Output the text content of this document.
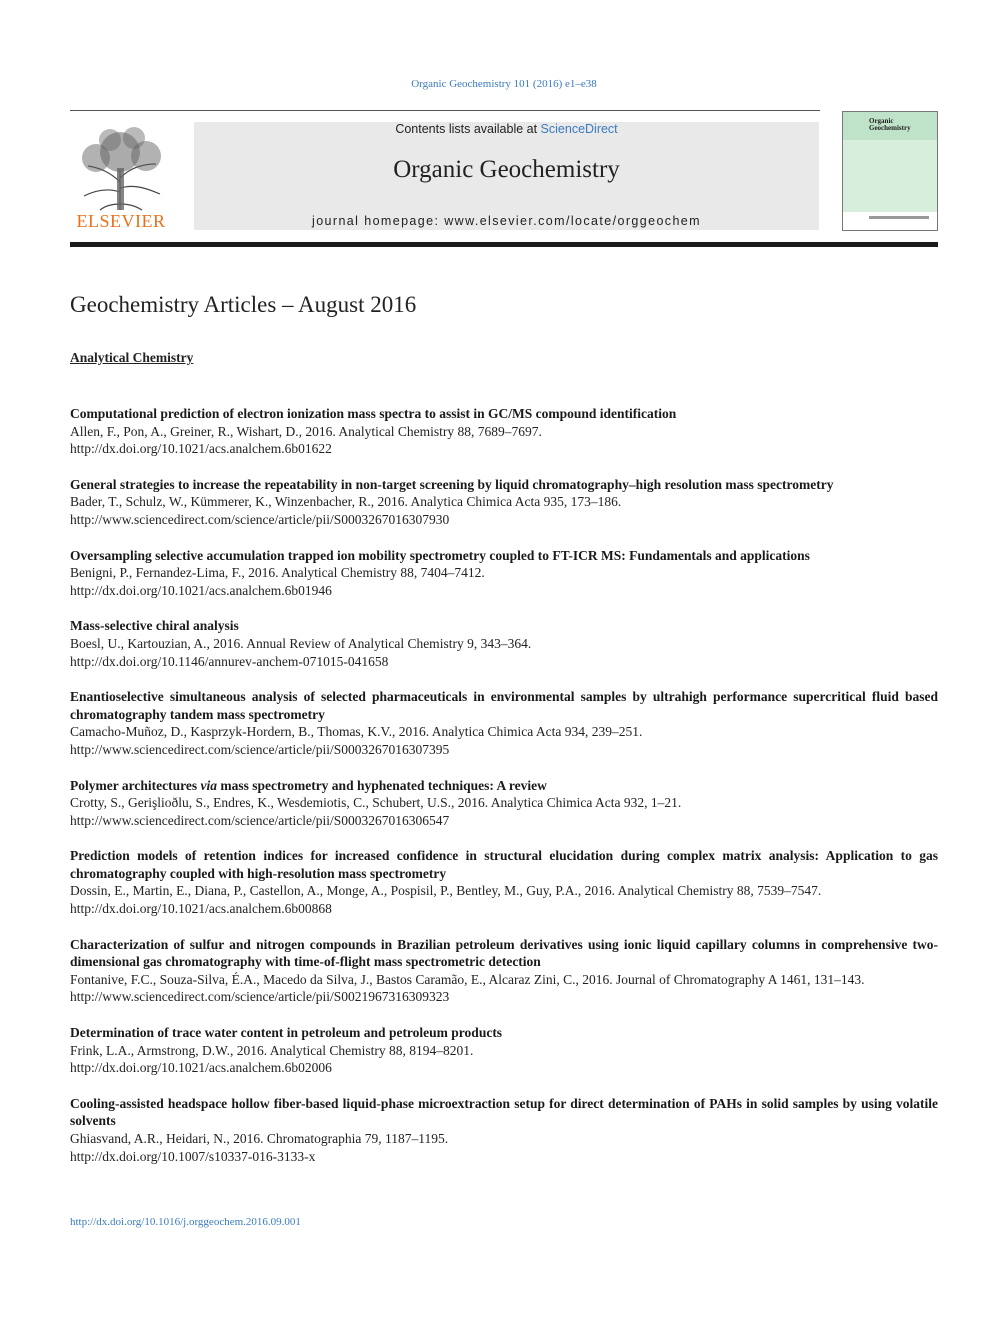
Organic Geochemistry 101 (2016) e1–e38
ELSEVIER
Contents lists available at ScienceDirect
Organic Geochemistry
journal homepage: www.elsevier.com/locate/orggeochem
Organic Geochemistry
Geochemistry Articles – August 2016
Analytical Chemistry
Computational prediction of electron ionization mass spectra to assist in GC/MS compound identification
Allen, F., Pon, A., Greiner, R., Wishart, D., 2016. Analytical Chemistry 88, 7689–7697.
http://dx.doi.org/10.1021/acs.analchem.6b01622
General strategies to increase the repeatability in non-target screening by liquid chromatography–high resolution mass spectrometry
Bader, T., Schulz, W., Kümmerer, K., Winzenbacher, R., 2016. Analytica Chimica Acta 935, 173–186.
http://www.sciencedirect.com/science/article/pii/S0003267016307930
Oversampling selective accumulation trapped ion mobility spectrometry coupled to FT-ICR MS: Fundamentals and applications
Benigni, P., Fernandez-Lima, F., 2016. Analytical Chemistry 88, 7404–7412.
http://dx.doi.org/10.1021/acs.analchem.6b01946
Mass-selective chiral analysis
Boesl, U., Kartouzian, A., 2016. Annual Review of Analytical Chemistry 9, 343–364.
http://dx.doi.org/10.1146/annurev-anchem-071015-041658
Enantioselective simultaneous analysis of selected pharmaceuticals in environmental samples by ultrahigh performance supercritical fluid based chromatography tandem mass spectrometry
Camacho-Muñoz, D., Kasprzyk-Hordern, B., Thomas, K.V., 2016. Analytica Chimica Acta 934, 239–251.
http://www.sciencedirect.com/science/article/pii/S0003267016307395
Polymer architectures via mass spectrometry and hyphenated techniques: A review
Crotty, S., Gerişlioðlu, S., Endres, K., Wesdemiotis, C., Schubert, U.S., 2016. Analytica Chimica Acta 932, 1–21.
http://www.sciencedirect.com/science/article/pii/S0003267016306547
Prediction models of retention indices for increased confidence in structural elucidation during complex matrix analysis: Application to gas chromatography coupled with high-resolution mass spectrometry
Dossin, E., Martin, E., Diana, P., Castellon, A., Monge, A., Pospisil, P., Bentley, M., Guy, P.A., 2016. Analytical Chemistry 88, 7539–7547.
http://dx.doi.org/10.1021/acs.analchem.6b00868
Characterization of sulfur and nitrogen compounds in Brazilian petroleum derivatives using ionic liquid capillary columns in comprehensive two-dimensional gas chromatography with time-of-flight mass spectrometric detection
Fontanive, F.C., Souza-Silva, É.A., Macedo da Silva, J., Bastos Caramão, E., Alcaraz Zini, C., 2016. Journal of Chromatography A 1461, 131–143.
http://www.sciencedirect.com/science/article/pii/S0021967316309323
Determination of trace water content in petroleum and petroleum products
Frink, L.A., Armstrong, D.W., 2016. Analytical Chemistry 88, 8194–8201.
http://dx.doi.org/10.1021/acs.analchem.6b02006
Cooling-assisted headspace hollow fiber-based liquid-phase microextraction setup for direct determination of PAHs in solid samples by using volatile solvents
Ghiasvand, A.R., Heidari, N., 2016. Chromatographia 79, 1187–1195.
http://dx.doi.org/10.1007/s10337-016-3133-x
http://dx.doi.org/10.1016/j.orggeochem.2016.09.001
